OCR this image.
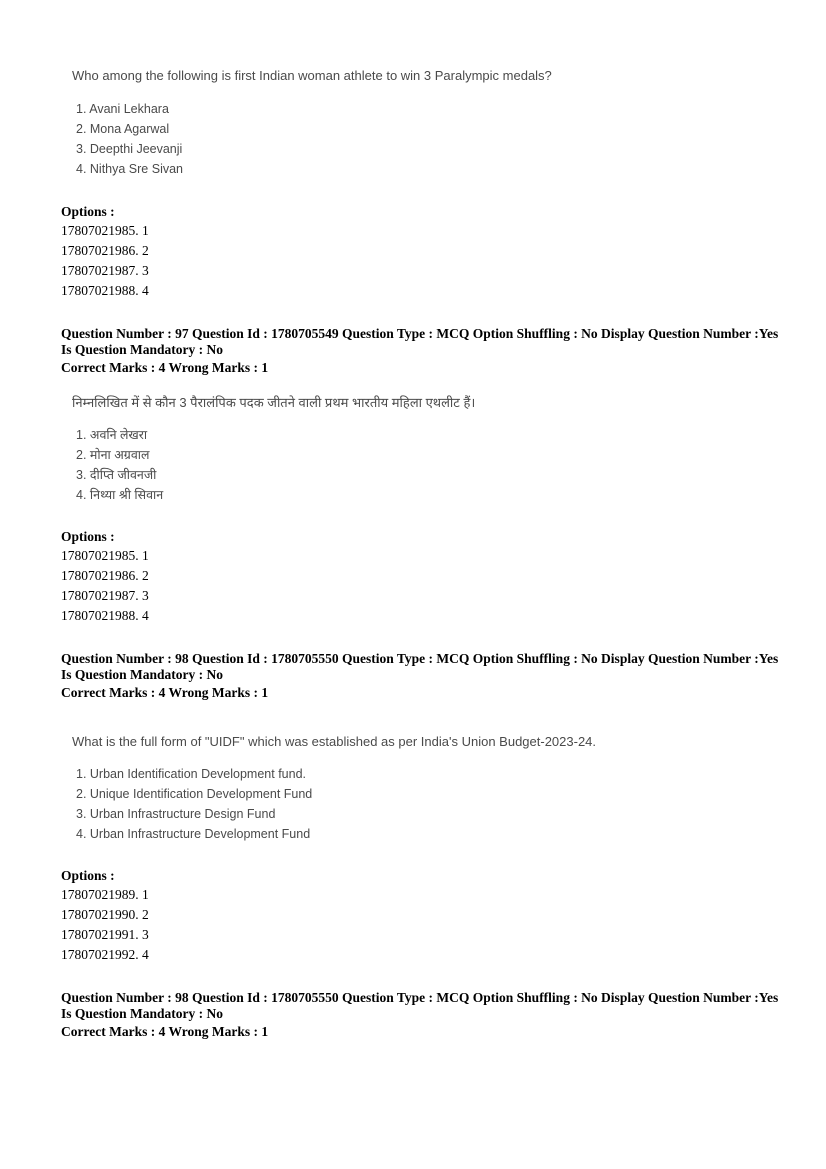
Who among the following is first Indian woman athlete to win 3 Paralympic medals?
1. Avani Lekhara
2. Mona Agarwal
3. Deepthi Jeevanji
4. Nithya Sre Sivan
Options :
17807021985. 1
17807021986. 2
17807021987. 3
17807021988. 4
Question Number : 97 Question Id : 1780705549 Question Type : MCQ Option Shuffling : No Display Question Number : Yes
Is Question Mandatory : No
Correct Marks : 4 Wrong Marks : 1
निम्नलिखित में से कौन 3 पैरालंपिक पदक जीतने वाली प्रथम भारतीय महिला एथलीट हैं।
1. अवनि लेखरा
2. मोना अग्रवाल
3. दीप्ति जीवनजी
4. निथ्या श्री सिवान
Options :
17807021985. 1
17807021986. 2
17807021987. 3
17807021988. 4
Question Number : 98 Question Id : 1780705550 Question Type : MCQ Option Shuffling : No Display Question Number : Yes
Is Question Mandatory : No
Correct Marks : 4 Wrong Marks : 1
What is the full form of "UIDF" which was established as per India's Union Budget-2023-24.
1. Urban Identification Development fund.
2. Unique Identification Development Fund
3. Urban Infrastructure Design Fund
4. Urban Infrastructure Development Fund
Options :
17807021989. 1
17807021990. 2
17807021991. 3
17807021992. 4
Question Number : 98 Question Id : 1780705550 Question Type : MCQ Option Shuffling : No Display Question Number : Yes
Is Question Mandatory : No
Correct Marks : 4 Wrong Marks : 1
